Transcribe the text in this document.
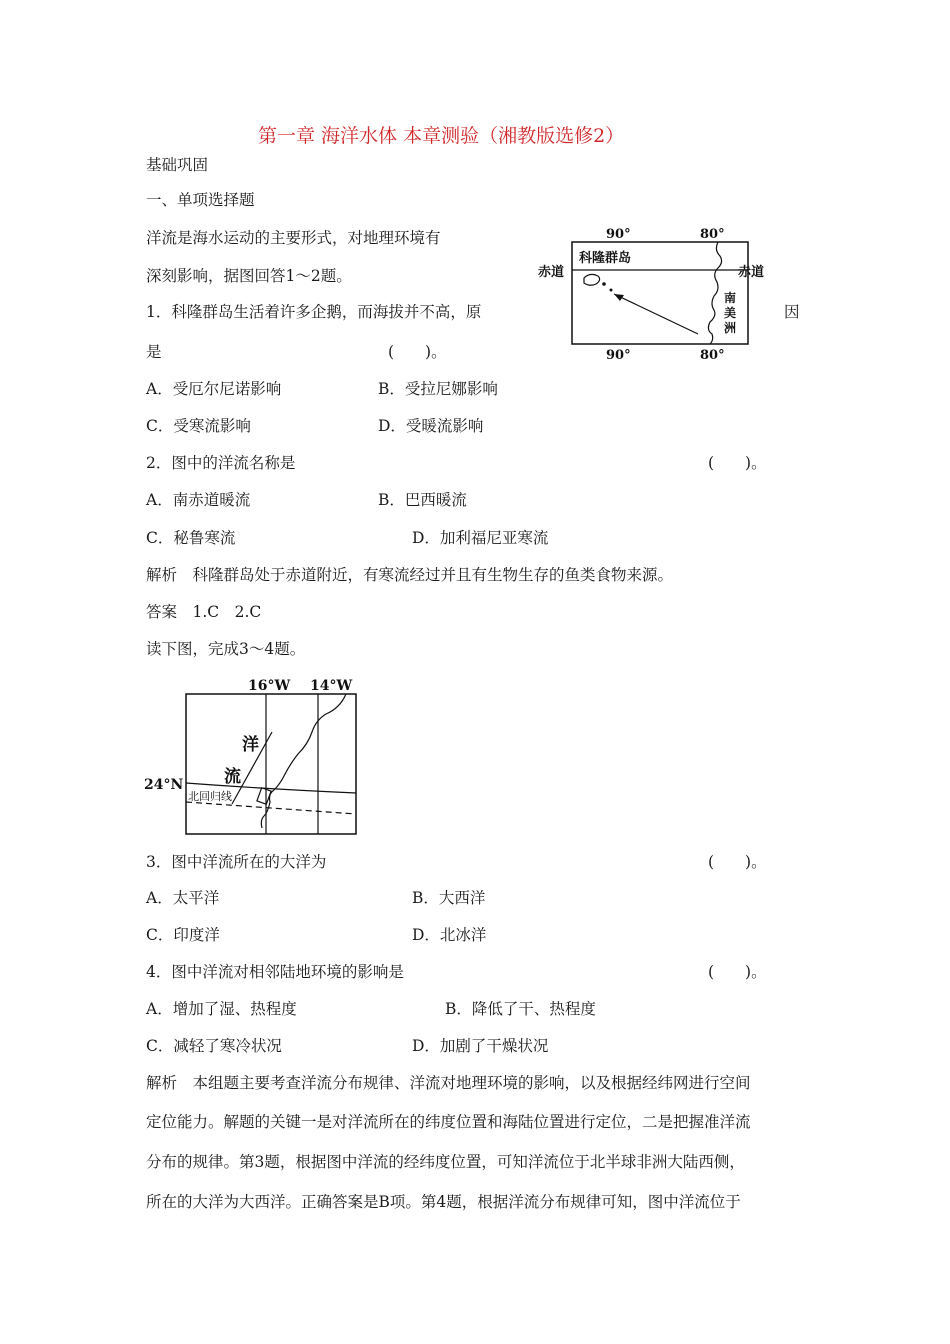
第一章 海洋水体 本章测验（湘教版选修2）
基础巩固
一、单项选择题
洋流是海水运动的主要形式，对地理环境有
深刻影响，据图回答1～2题。
1．科隆群岛生活着许多企鹅，而海拔并不高，原	因
是	(　　)。
A．受厄尔尼诺影响	B．受拉尼娜影响
C．受寒流影响	D．受暖流影响
2．图中的洋流名称是	(　　)。
A．南赤道暖流	B．巴西暖流
C．秘鲁寒流	D．加利福尼亚寒流
解析　科隆群岛处于赤道附近，有寒流经过并且有生物生存的鱼类食物来源。
答案　1.C　2.C
读下图，完成3～4题。
90°	80°
90°	80°
赤道	赤道
科隆群岛
南
美
洲
3．图中洋流所在的大洋为	(　　)。
A．太平洋	B．大西洋
C．印度洋	D．北冰洋
4．图中洋流对相邻陆地环境的影响是	(　　)。
A．增加了湿、热程度	B．降低了干、热程度
C．减轻了寒冷状况	D．加剧了干燥状况
解析　本组题主要考查洋流分布规律、洋流对地理环境的影响，以及根据经纬网进行空间
定位能力。解题的关键一是对洋流所在的纬度位置和海陆位置进行定位，二是把握准洋流
分布的规律。第3题，根据图中洋流的经纬度位置，可知洋流位于北半球非洲大陆西侧，
所在的大洋为大西洋。正确答案是B项。第4题，根据洋流分布规律可知，图中洋流位于
16°W 14°W
24°N
北回归线
洋
流
